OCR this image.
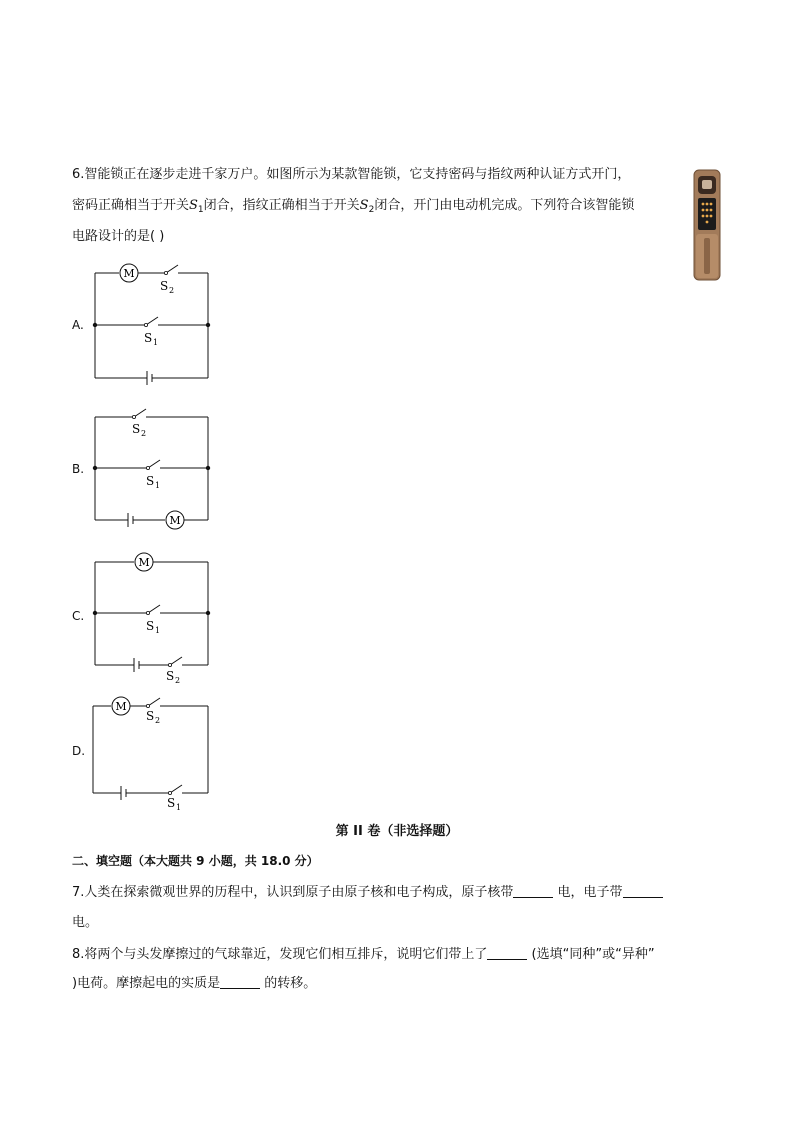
6.智能锁正在逐步走进千家万户。如图所示为某款智能锁，它支持密码与指纹两种认证方式开门，
密码正确相当于开关$S_1$闭合，指纹正确相当于开关$S_2$闭合，开门由电动机完成。下列符合该智能锁
电路设计的是( )
A.
M
S 2
S 1
B.
M
S 2
S 1
C.
M
S 1
S 2
D.
M
S 2
S 1
第 II 卷（非选择题）
二、填空题（本大题共 9 小题，共 18.0 分）
7.人类在探索微观世界的历程中，认识到原子由原子核和电子构成，原子核带	电，电子带
电。
8.将两个与头发摩擦过的气球靠近，发现它们相互排斥，说明它们带上了	(选填“同种”或“异种”
)电荷。摩擦起电的实质是	的转移。
